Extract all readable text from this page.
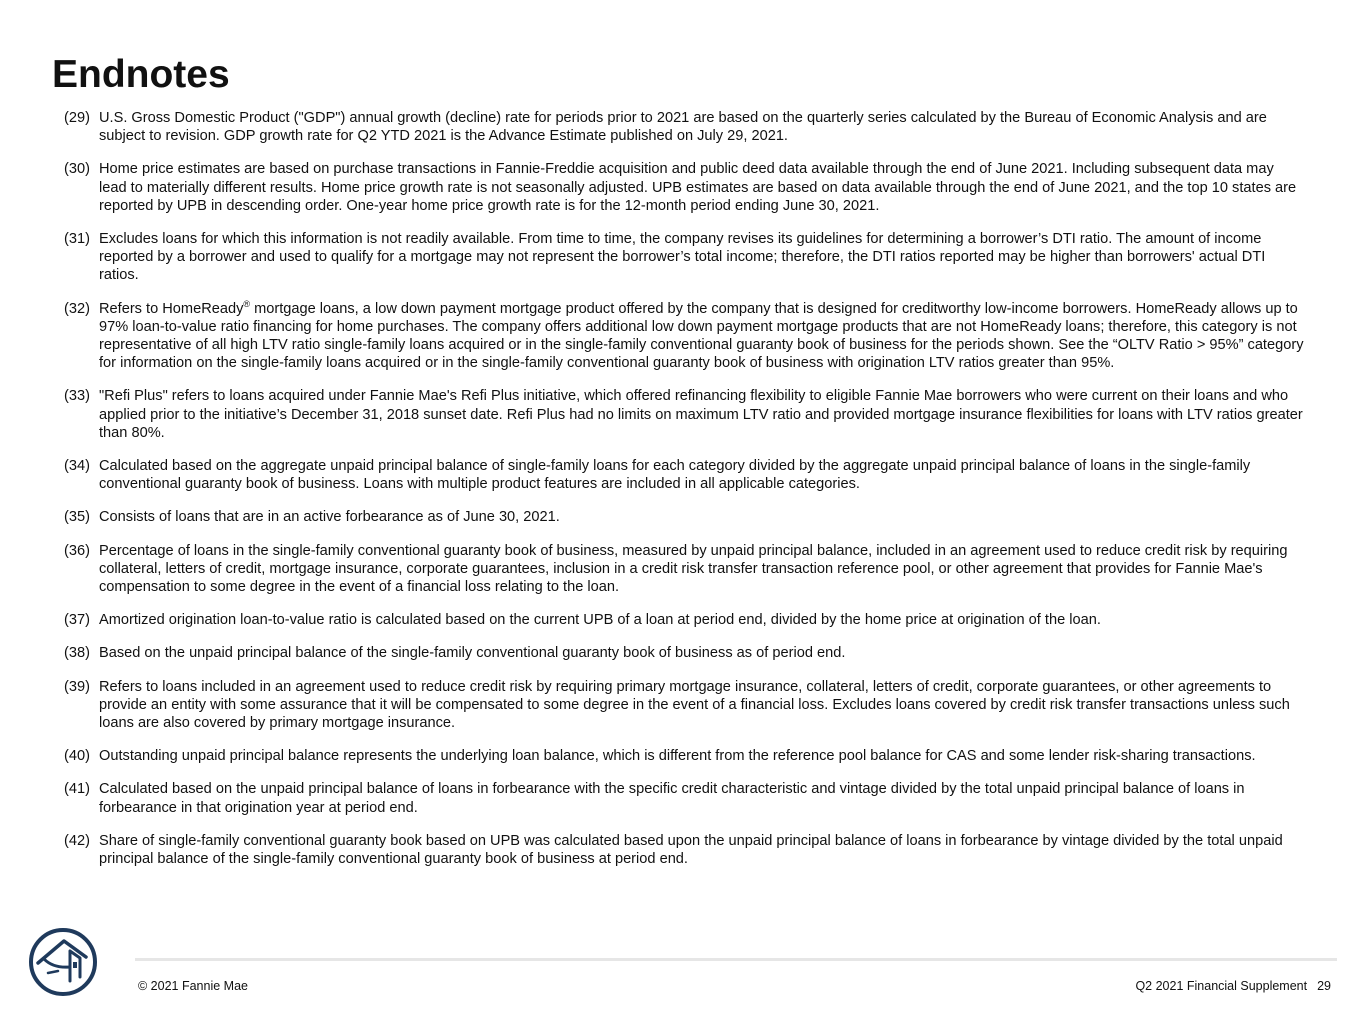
Endnotes
(29) U.S. Gross Domestic Product ("GDP") annual growth (decline) rate for periods prior to 2021 are based on the quarterly series calculated by the Bureau of Economic Analysis and are subject to revision. GDP growth rate for Q2 YTD 2021 is the Advance Estimate published on July 29, 2021.
(30) Home price estimates are based on purchase transactions in Fannie-Freddie acquisition and public deed data available through the end of June 2021. Including subsequent data may lead to materially different results. Home price growth rate is not seasonally adjusted. UPB estimates are based on data available through the end of June 2021, and the top 10 states are reported by UPB in descending order. One-year home price growth rate is for the 12-month period ending June 30, 2021.
(31) Excludes loans for which this information is not readily available. From time to time, the company revises its guidelines for determining a borrower’s DTI ratio. The amount of income reported by a borrower and used to qualify for a mortgage may not represent the borrower’s total income; therefore, the DTI ratios reported may be higher than borrowers' actual DTI ratios.
(32) Refers to HomeReady® mortgage loans, a low down payment mortgage product offered by the company that is designed for creditworthy low-income borrowers. HomeReady allows up to 97% loan-to-value ratio financing for home purchases. The company offers additional low down payment mortgage products that are not HomeReady loans; therefore, this category is not representative of all high LTV ratio single-family loans acquired or in the single-family conventional guaranty book of business for the periods shown. See the “OLTV Ratio > 95%” category for information on the single-family loans acquired or in the single-family conventional guaranty book of business with origination LTV ratios greater than 95%.
(33) "Refi Plus" refers to loans acquired under Fannie Mae's Refi Plus initiative, which offered refinancing flexibility to eligible Fannie Mae borrowers who were current on their loans and who applied prior to the initiative’s December 31, 2018 sunset date. Refi Plus had no limits on maximum LTV ratio and provided mortgage insurance flexibilities for loans with LTV ratios greater than 80%.
(34) Calculated based on the aggregate unpaid principal balance of single-family loans for each category divided by the aggregate unpaid principal balance of loans in the single-family conventional guaranty book of business. Loans with multiple product features are included in all applicable categories.
(35) Consists of loans that are in an active forbearance as of June 30, 2021.
(36) Percentage of loans in the single-family conventional guaranty book of business, measured by unpaid principal balance, included in an agreement used to reduce credit risk by requiring collateral, letters of credit, mortgage insurance, corporate guarantees, inclusion in a credit risk transfer transaction reference pool, or other agreement that provides for Fannie Mae's compensation to some degree in the event of a financial loss relating to the loan.
(37) Amortized origination loan-to-value ratio is calculated based on the current UPB of a loan at period end, divided by the home price at origination of the loan.
(38) Based on the unpaid principal balance of the single-family conventional guaranty book of business as of period end.
(39) Refers to loans included in an agreement used to reduce credit risk by requiring primary mortgage insurance, collateral, letters of credit, corporate guarantees, or other agreements to provide an entity with some assurance that it will be compensated to some degree in the event of a financial loss. Excludes loans covered by credit risk transfer transactions unless such loans are also covered by primary mortgage insurance.
(40) Outstanding unpaid principal balance represents the underlying loan balance, which is different from the reference pool balance for CAS and some lender risk-sharing transactions.
(41) Calculated based on the unpaid principal balance of loans in forbearance with the specific credit characteristic and vintage divided by the total unpaid principal balance of loans in forbearance in that origination year at period end.
(42) Share of single-family conventional guaranty book based on UPB was calculated based upon the unpaid principal balance of loans in forbearance by vintage divided by the total unpaid principal balance of the single-family conventional guaranty book of business at period end.
© 2021 Fannie Mae	Q2 2021 Financial Supplement 29
